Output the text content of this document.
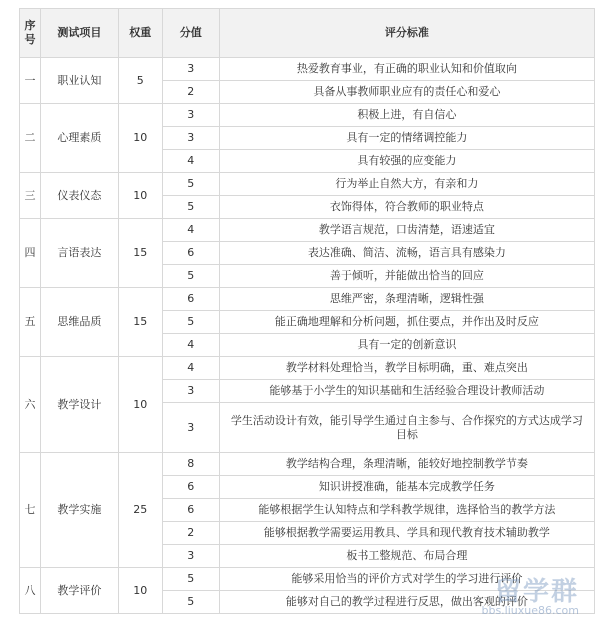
序号	测试项目	权重	分值	评分标准
一	职业认知	5	3	热爱教育事业，有正确的职业认知和价值取向
			2	具备从事教师职业应有的责任心和爱心
二	心理素质	10	3	积极上进，有自信心
			3	具有一定的情绪调控能力
			4	具有较强的应变能力
三	仪表仪态	10	5	行为举止自然大方，有亲和力
			5	衣饰得体，符合教师的职业特点
四	言语表达	15	4	教学语言规范，口齿清楚，语速适宜
			6	表达准确、简洁、流畅，语言具有感染力
			5	善于倾听，并能做出恰当的回应
五	思维品质	15	6	思维严密，条理清晰，逻辑性强
			5	能正确地理解和分析问题，抓住要点，并作出及时反应
			4	具有一定的创新意识
六	教学设计	10	4	教学材料处理恰当，教学目标明确，重、难点突出
			3	能够基于小学生的知识基础和生活经验合理设计教师活动
			3	学生活动设计有效，能引导学生通过自主参与、合作探究的方式达成学习目标
七	教学实施	25	8	教学结构合理，条理清晰，能较好地控制教学节奏
			6	知识讲授准确，能基本完成教学任务
			6	能够根据学生认知特点和学科教学规律，选择恰当的教学方法
			2	能够根据教学需要运用教具、学具和现代教育技术辅助教学
			3	板书工整规范、布局合理
八	教学评价	10	5	能够采用恰当的评价方式对学生的学习进行评价
			5	能够对自己的教学过程进行反思，做出客观的评价
留学群
bbs.liuxue86.com
